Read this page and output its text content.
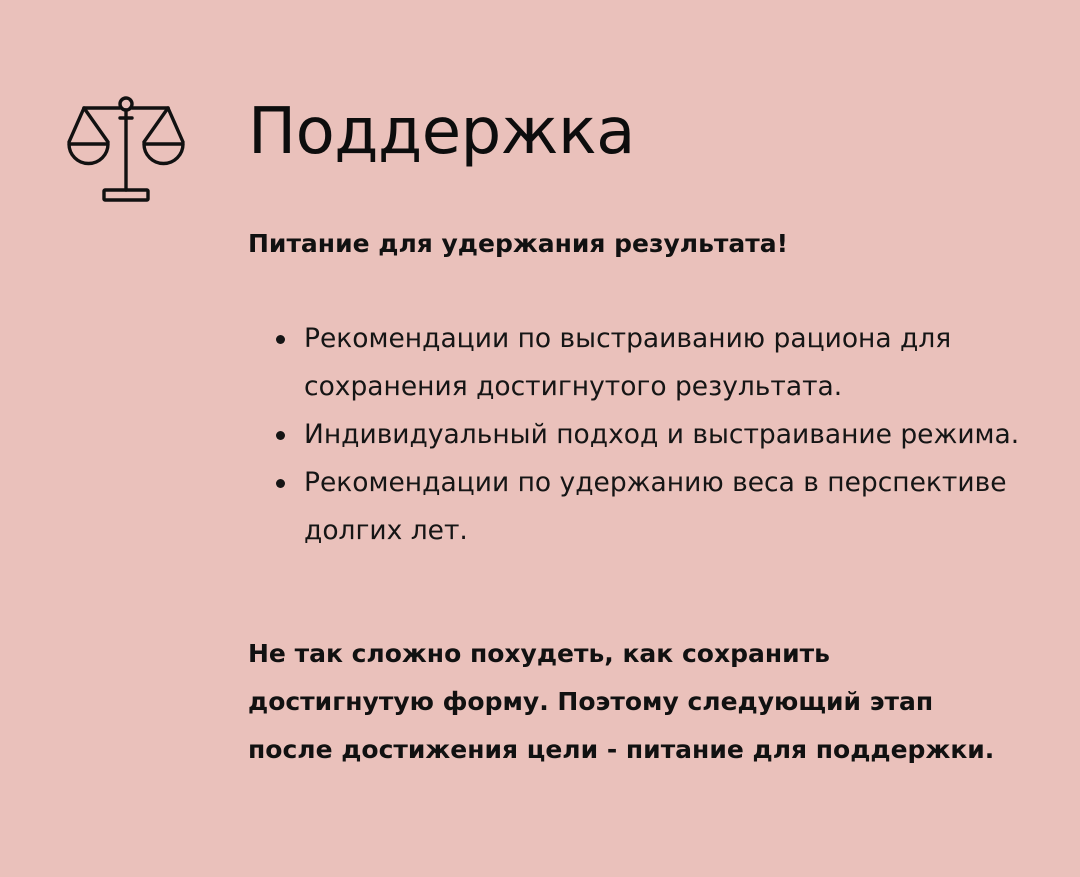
Поддержка

Питание для удержания результата!

Рекомендации по выстраиванию рациона для сохранения достигнутого результата.
Индивидуальный подход и выстраивание режима.
Рекомендации по удержанию веса в перспективе долгих лет.

Не так сложно похудеть, как сохранить
достигнутую форму. Поэтому следующий этап
после достижения цели - питание для поддержки.
